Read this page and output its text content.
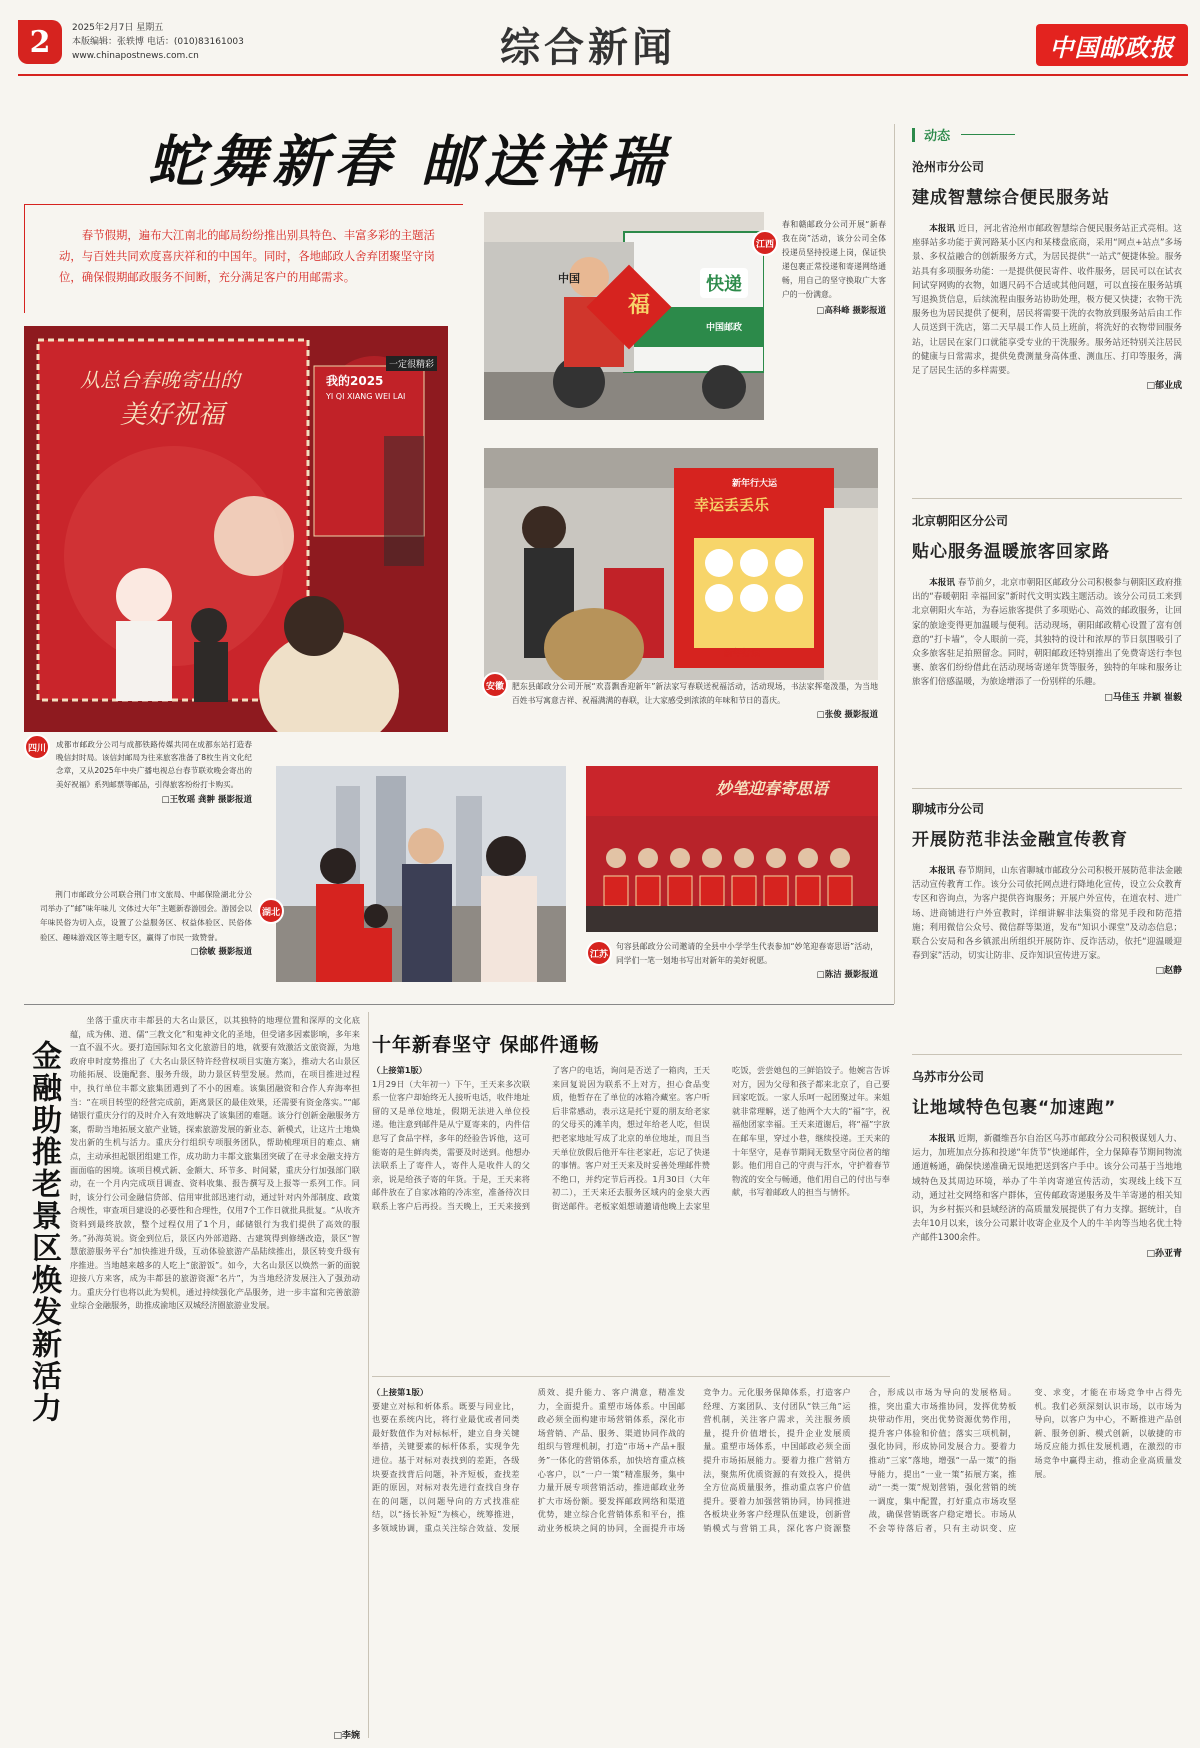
2 2025年2月7日 星期五
本版编辑：张轶博 电话：(010)83161003
www.chinapostnews.com.cn	综合新闻	中国邮政报
蛇舞新春 邮送祥瑞
春节假期，遍布大江南北的邮局纷纷推出别具特色、丰富多彩的主题活动，与百姓共同欢度喜庆祥和的中国年。同时，各地邮政人舍弃团聚坚守岗位，确保假期邮政服务不间断，充分满足客户的用邮需求。
从总台春晚寄出的
美好祝福
我的2025
一定很精彩
YI QI XIANG WEI LAI
四川	成都市邮政分公司与成都铁路传媒共同在成都东站打造春晚信封时局。该信封邮局为往来旅客准备了8枚生肖文化纪念章，又从2025年中央广播电视总台春节联欢晚会寄出的美好祝福》系列邮票等邮品，引得旅客纷纷打卡购买。
□王牧瑶 龚翀 摄影报道
中国	快递
中国邮政
福
江西
春和赣邮政分公司开展“新春我在岗”活动，该分公司全体投递员坚持投递上岗，保证快递包裹正常投递和寄递网络通畅，用自己的坚守换取广大客户的一份满意。
□高科峰 摄影报道
幸运丢丢乐
新年好运
新年行大运
安徽	肥东县邮政分公司开展“欢喜飘香迎新年”新法家写春联送祝福活动，活动现场，书法家挥毫泼墨，为当地百姓书写寓意吉祥、祝福满满的春联，让大家感受到浓浓的年味和节日的喜庆。
□张俊 摄影报道
湖北
荆门市邮政分公司联合荆门市文旅局、中邮保险湖北分公司举办了“邮”味年味儿 文体过大年”主题新春游园会。游园会以年味民俗为切入点，设置了公益服务区、权益体验区、民俗体验区、趣味游戏区等主题专区，赢得了市民一致赞誉。
□徐敏 摄影报道
妙笔迎春寄思语
江苏
句容县邮政分公司邀请的全县中小学学生代表参加“妙笔迎春寄思语”活动，同学们一笔一划地书写出对新年的美好祝愿。
□陈洁 摄影报道
动态
沧州市分公司
建成智慧综合便民服务站
本报讯 近日，河北省沧州市邮政智慧综合便民服务站正式亮相。这座驿站多功能于黄河路某小区内和某楼盘底商，采用“网点+站点”多场景、多权益融合的创新服务方式，为居民提供“一站式”便捷体验。服务站具有多项服务功能：一是提供便民寄件、收件服务，居民可以在试衣间试穿网购的衣物，如遇尺码不合适或其他问题，可以直接在服务站填写退换货信息，后续流程由服务站协助处理，极方便又快捷；衣物干洗服务也为居民提供了便利，居民将需要干洗的衣物放到服务站后由工作人员送到干洗店，第二天早晨工作人员上班前，将洗好的衣物带回服务站，让居民在家门口就能享受专业的干洗服务。服务站还特别关注居民的健康与日常需求，提供免费测量身高体重、测血压、打印等服务，满足了居民生活的多样需要。
□郁业成
北京朝阳区分公司
贴心服务温暖旅客回家路
本报讯 春节前夕，北京市朝阳区邮政分公司积极参与朝阳区政府推出的“春暖朝阳 幸福回家”新时代文明实践主题活动。该分公司员工来到北京朝阳火车站，为春运旅客提供了多项贴心、高效的邮政服务，让回家的旅途变得更加温暖与便利。活动现场，朝阳邮政精心设置了富有创意的“打卡墙”，令人眼前一亮，其独特的设计和浓厚的节日氛围吸引了众多旅客驻足拍照留念。同时，朝阳邮政还特别推出了免费寄送行李包裹、旅客们纷纷借此在活动现场寄递年货等服务，独特的年味和服务让旅客们倍感温暖，为旅途增添了一份别样的乐趣。
□马佳玉 井颖 崔毅
聊城市分公司
开展防范非法金融宣传教育
本报讯 春节期间，山东省聊城市邮政分公司积极开展防范非法金融活动宣传教育工作。该分公司依托网点进行降地化宣传，设立公众教育专区和咨询点，为客户提供咨询服务；开展户外宣传，在道农村、进广场、进商铺进行户外宣教时，详细讲解非法集资的常见手段和防范措施；利用微信公众号、微信群等渠道，发布“知识小课堂”及动态信息；联合公安局和各乡镇派出所组织开展防诈、反诈活动，依托“迎温暖迎春到家”活动，切实让防非、反诈知识宣传进万家。
□赵静
乌苏市分公司
让地域特色包裹“加速跑”
本报讯 近期，新疆维吾尔自治区乌苏市邮政分公司积极谋划人力、运力，加班加点分拣和投递“年货节”快递邮件，全力保障春节期间物流通道畅通，确保快递准确无误地把送到客户手中。该分公司基于当地地域特色及其周边环境，举办了牛羊肉寄递宣传活动，实现线上线下互动，通过社交网络和客户群体，宣传邮政寄递服务及牛羊寄递的相关知识，为乡村振兴和县域经济的高质量发展提供了有力支撑。据统计，自去年10月以来，该分公司累计收寄企业及个人的牛羊肉等当地名优土特产邮件1300余件。
□孙亚青
金融助推老景区焕发新活力
坐落于重庆市丰都县的大名山景区，以其独特的地理位置和深厚的文化底蕴，成为佛、道、儒“三教文化”和鬼神文化的圣地，但受诸多因素影响，多年来一直不温不火。要打造国际知名文化旅游目的地，就要有效激活文旅资源，为地政府申时度势推出了《大名山景区特许经营权项目实施方案》，推动大名山景区功能拓展、设施配套、服务升级，助力景区转型发展。然而，在项目推进过程中，执行单位丰都文旅集团遇到了不小的困难。该集团融资和合作人弃海率担当：“在项目转型的经营完成前，距离景区的最佳效果，还需要有资金落实。”“邮储银行重庆分行的及时介入有效地解决了该集团的难题。该分行创新金融服务方案，帮助当地拓展文旅产业链，探索旅游发展的新业态、新模式，让这片土地焕发出新的生机与活力。重庆分行组织专项服务团队，帮助梳理项目的难点、痛点，主动承担起银团组建工作，成功助力丰都文旅集团突破了在寻求金融支持方面面临的困境。该项目模式新、金额大、环节多、时间紧，重庆分行加强部门联动，在一个月内完成项目调查、资料收集、报告撰写及上报等一系列工作。同时，该分行公司金融信贷部、信用审批部迅速行动，通过针对内外部制度、政策合规性，审查项目建设的必要性和合理性，仅用7个工作日就批具批复。“从收齐资料到最终放款，整个过程仅用了1个月，邮储银行为我们提供了高效的服务。”孙海英说。资金到位后，景区内外部道路、古建筑得到修缮改造，景区“智慧旅游服务平台”加快推进升级，互动体验旅游产品陆续推出，景区转变升级有序推进。当地越来越多的人吃上“旅游饭”。如今，大名山景区以焕然一新的面貌迎接八方来客，成为丰都县的旅游资源“名片”，为当地经济发展注入了强劲动力。重庆分行也将以此为契机，通过持续强化产品服务，进一步丰富和完善旅游业综合金融服务，助推成渝地区双城经济圈旅游业发展。
□李婉
十年新春坚守 保邮件通畅
（上接第1版）
1月29日（大年初一）下午，王天来多次联系一位客户却始终无人接听电话，收件地址留的又是单位地址，假期无法进入单位投递。他注意到邮件是从宁夏寄来的，内件信息写了食品字样，多年的经验告诉他，这可能寄的是生鲜肉类，需要及时送到。他想办法联系上了寄件人，寄件人是收件人的父亲，说是给孩子寄的年货。于是，王天来将邮件放在了自家冰箱的冷冻室，准备待次日联系上客户后再投。当天晚上，王天来接到了客户的电话，询问是否送了一箱肉，王天来回复说因为联系不上对方，担心食品变质，他暂存在了单位的冰箱冷藏室。客户听后非常感动，表示这是托宁夏的朋友给老家的父母买的滩羊肉，想过年给老人吃，但误把老家地址写成了北京的单位地址，而且当天单位放假后他开车往老家赶，忘记了快递的事情。客户对王天来及时妥善处理邮件赞不绝口，并约定节后再投。1月30日（大年初二），王天来还去服务区域内的金泉大西街送邮件。老板家姐想请邀请他晚上去家里吃饭，尝尝她包的三鲜馅饺子。他婉言告诉对方，因为父母和孩子都来北京了，自己要回家吃饭。一家人乐呵一起团聚过年。来姐就非常理解，送了他两个大大的“福”字，祝福他团家幸福。王天来道谢后，将“福”字放在邮车里，穿过小巷，继续投递。王天来的十年坚守，是春节期间无数坚守岗位者的缩影。他们用自己的守责与汗水，守护着春节物流的安全与畅通，他们用自己的付出与奉献，书写着邮政人的担当与情怀。
（上接第1版）
要建立对标和析体系。既要与同业比，也要在系统内比，将行业最优或者同类最好数值作为对标标杆，建立自身关键举措，关键要素的标杆体系，实现争先进位。基于对标对表找到的差距，各级块要查找背后问题，补齐短板，查找差距的原因，对标对表先进行查找自身存在的问题，以问题导向的方式找准症结，以“扬长补短”为核心，统筹推进，多领域协调，重点关注综合效益、发展质效、提升能力、客户满意，精准发力，全面提升。重塑市场体系。中国邮政必须全面构建市场营销体系，深化市场营销、产品、服务、渠道协同作战的组织与管理机制，打造“市场+产品+服务”一体化的营销体系，加快培育重点核心客户，以“一户一策”精准服务，集中力量开展专项营销活动，推进邮政业务扩大市场份额。要发挥邮政网络和渠道优势，建立综合化营销体系和平台，推动业务板块之间的协同，全面提升市场竞争力。元化服务保障体系，打造客户经理、方案团队、支付团队“铁三角”运营机制，关注客户需求，关注服务质量，提升价值增长，提升企业发展质量。重塑市场体系，中国邮政必须全面提升市场拓展能力。要着力推广营销方法，聚焦所优质资源的有效投入，提供全方位高质量服务，推动重点客户价值提升。要着力加强营销协同，协同推进各板块业务客户经理队伍建设，创新营销模式与营销工具，深化客户资源整合，形成以市场为导向的发展格局。推，突出重大市场推协同，发挥优势板块带动作用，突出优势资源优势作用，提升客户体验和价值；落实三项机制，强化协同，形成协同发展合力。要着力推动“三家”落地，增强“一品一策”的指导能力，提出“一业一策”拓展方案，推动“一类一策”规划营销，强化营销的统一调度，集中配置，打好重点市场攻坚战，确保营销既客户稳定增长。市场从不会等待落后者，只有主动识变、应变、求变，才能在市场竞争中占得先机。我们必须深刻认识市场，以市场为导向，以客户为中心，不断推进产品创新、服务创新、模式创新，以敏捷的市场反应能力抓住发展机遇，在激烈的市场竞争中赢得主动，推动企业高质量发展。
